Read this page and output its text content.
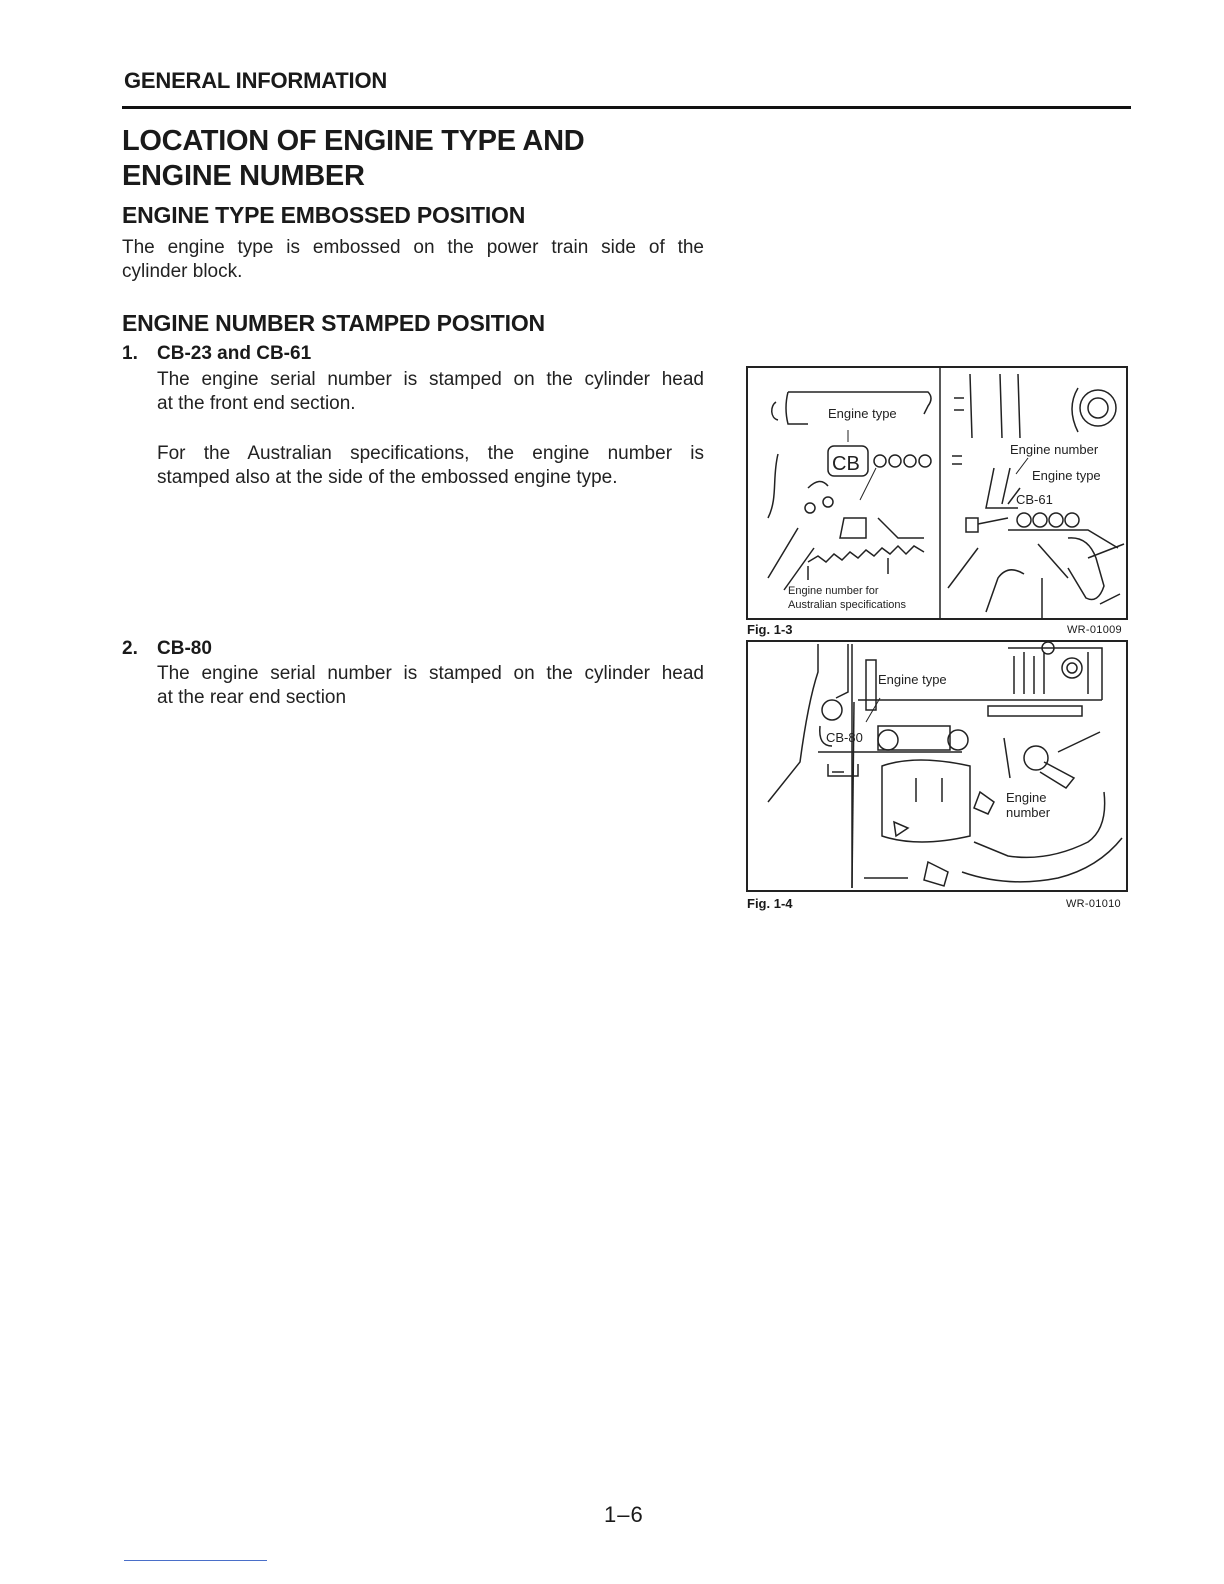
GENERAL INFORMATION
LOCATION OF ENGINE TYPE AND
ENGINE NUMBER
ENGINE TYPE EMBOSSED POSITION
The engine type is embossed on the power train side of the
cylinder block.
ENGINE NUMBER STAMPED POSITION
1. CB-23 and CB-61
The engine serial number is stamped on the cylinder head
at the front end section.
For the Australian specifications, the engine number is
stamped also at the side of the embossed engine type.
2. CB-80
The engine serial number is stamped on the cylinder head
at the rear end section
Engine type
CB
Engine number for
Australian specifications
Engine number
Engine type
CB-61
Fig. 1-3	WR-01009
Engine type
CB-80
Engine
number
Fig. 1-4	WR-01010
1–6
